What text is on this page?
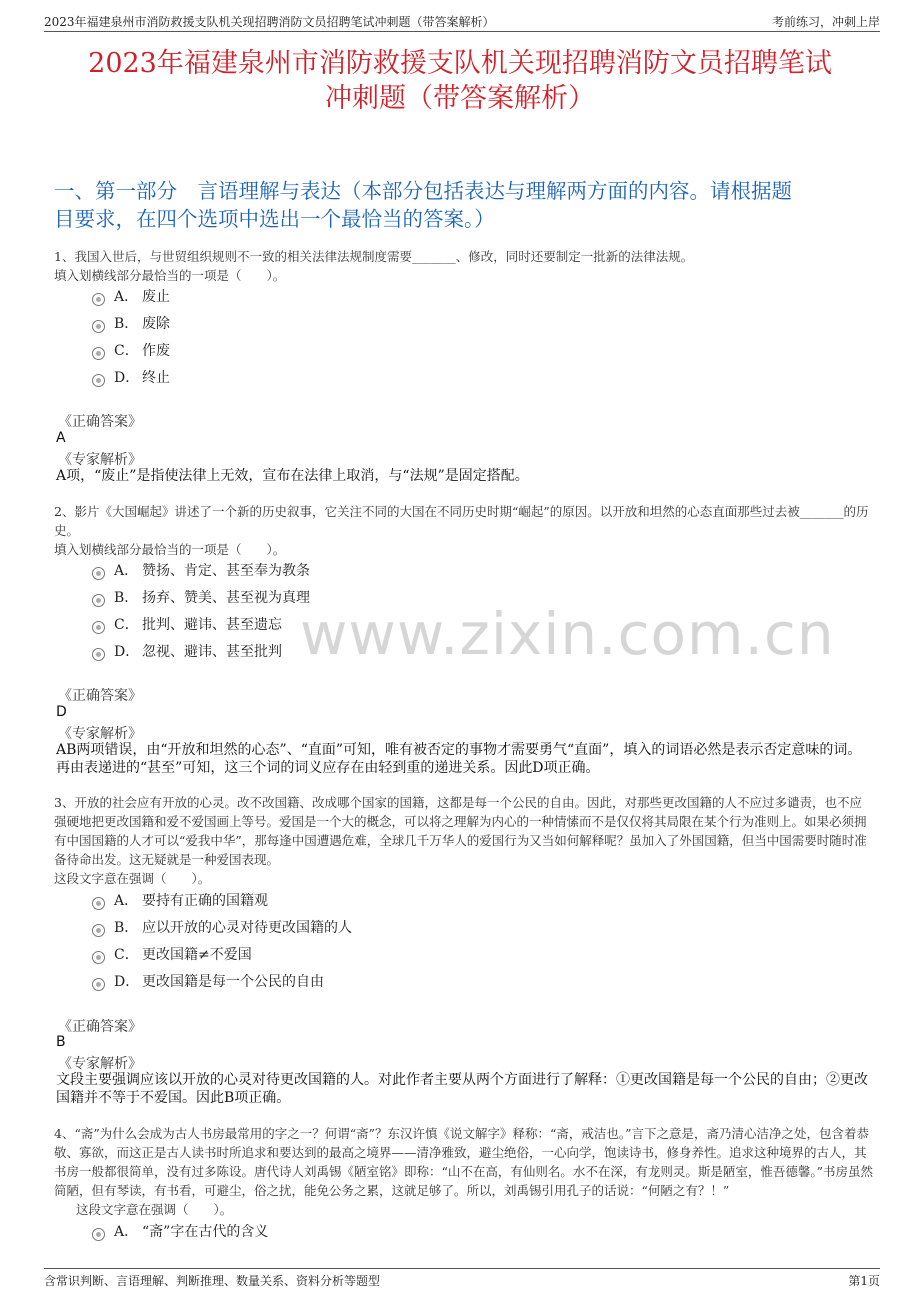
2023年福建泉州市消防救援支队机关现招聘消防文员招聘笔试冲刺题（带答案解析）	考前练习，冲刺上岸
2023年福建泉州市消防救援支队机关现招聘消防文员招聘笔试
冲刺题（带答案解析）
一、第一部分　言语理解与表达（本部分包括表达与理解两方面的内容。请根据题
目要求，在四个选项中选出一个最恰当的答案。）
www.zixin.com.cn
1、我国入世后，与世贸组织规则不一致的相关法律法规制度需要_______、修改，同时还要制定一批新的法律法规。
填入划横线部分最恰当的一项是（　　）。
A． 废止
B． 废除
C． 作废
D． 终止
《正确答案》
A
《专家解析》
A项，“废止”是指使法律上无效，宣布在法律上取消，与“法规”是固定搭配。
2、影片《大国崛起》讲述了一个新的历史叙事，它关注不同的大国在不同历史时期“崛起”的原因。以开放和坦然的心态直面那些过去被_______的历史。
填入划横线部分最恰当的一项是（　　）。
A． 赞扬、肯定、甚至奉为教条
B． 扬弃、赞美、甚至视为真理
C． 批判、避讳、甚至遗忘
D． 忽视、避讳、甚至批判
《正确答案》
D
《专家解析》
AB两项错误，由“开放和坦然的心态”、“直面”可知，唯有被否定的事物才需要勇气“直面”，填入的词语必然是表示否定意味的词。再由表递进的“甚至”可知，这三个词的词义应存在由轻到重的递进关系。因此D项正确。
3、开放的社会应有开放的心灵。改不改国籍、改成哪个国家的国籍，这都是每一个公民的自由。因此，对那些更改国籍的人不应过多谴责，也不应强硬地把更改国籍和爱不爱国画上等号。爱国是一个大的概念，可以将之理解为内心的一种情愫而不是仅仅将其局限在某个行为准则上。如果必须拥有中国国籍的人才可以“爱我中华”，那每逢中国遭遇危难，全球几千万华人的爱国行为又当如何解释呢？虽加入了外国国籍，但当中国需要时随时准备待命出发。这无疑就是一种爱国表现。
这段文字意在强调（　　）。
A． 要持有正确的国籍观
B． 应以开放的心灵对待更改国籍的人
C． 更改国籍≠不爱国
D． 更改国籍是每一个公民的自由
《正确答案》
B
《专家解析》
文段主要强调应该以开放的心灵对待更改国籍的人。对此作者主要从两个方面进行了解释：①更改国籍是每一个公民的自由；②更改国籍并不等于不爱国。因此B项正确。
4、“斋”为什么会成为古人书房最常用的字之一？何谓“斋”？东汉许慎《说文解字》释称：“斋，戒洁也。”言下之意是，斋乃清心洁净之处，包含着恭敬、寡欲，而这正是古人读书时所追求和要达到的最高之境界——清净雅致，避尘绝俗，一心向学，饱读诗书，修身养性。追求这种境界的古人，其书房一般都很简单，没有过多陈设。唐代诗人刘禹锡《陋室铭》即称：“山不在高，有仙则名。水不在深，有龙则灵。斯是陋室，惟吾德馨。”书房虽然简陋，但有琴读，有书看，可避尘，俗之扰，能免公务之累，这就足够了。所以，刘禹锡引用孔子的话说：“何陋之有？！”
这段文字意在强调（　　）。
A． “斋”字在古代的含义
含常识判断、言语理解、判断推理、数量关系、资料分析等题型	第1页
